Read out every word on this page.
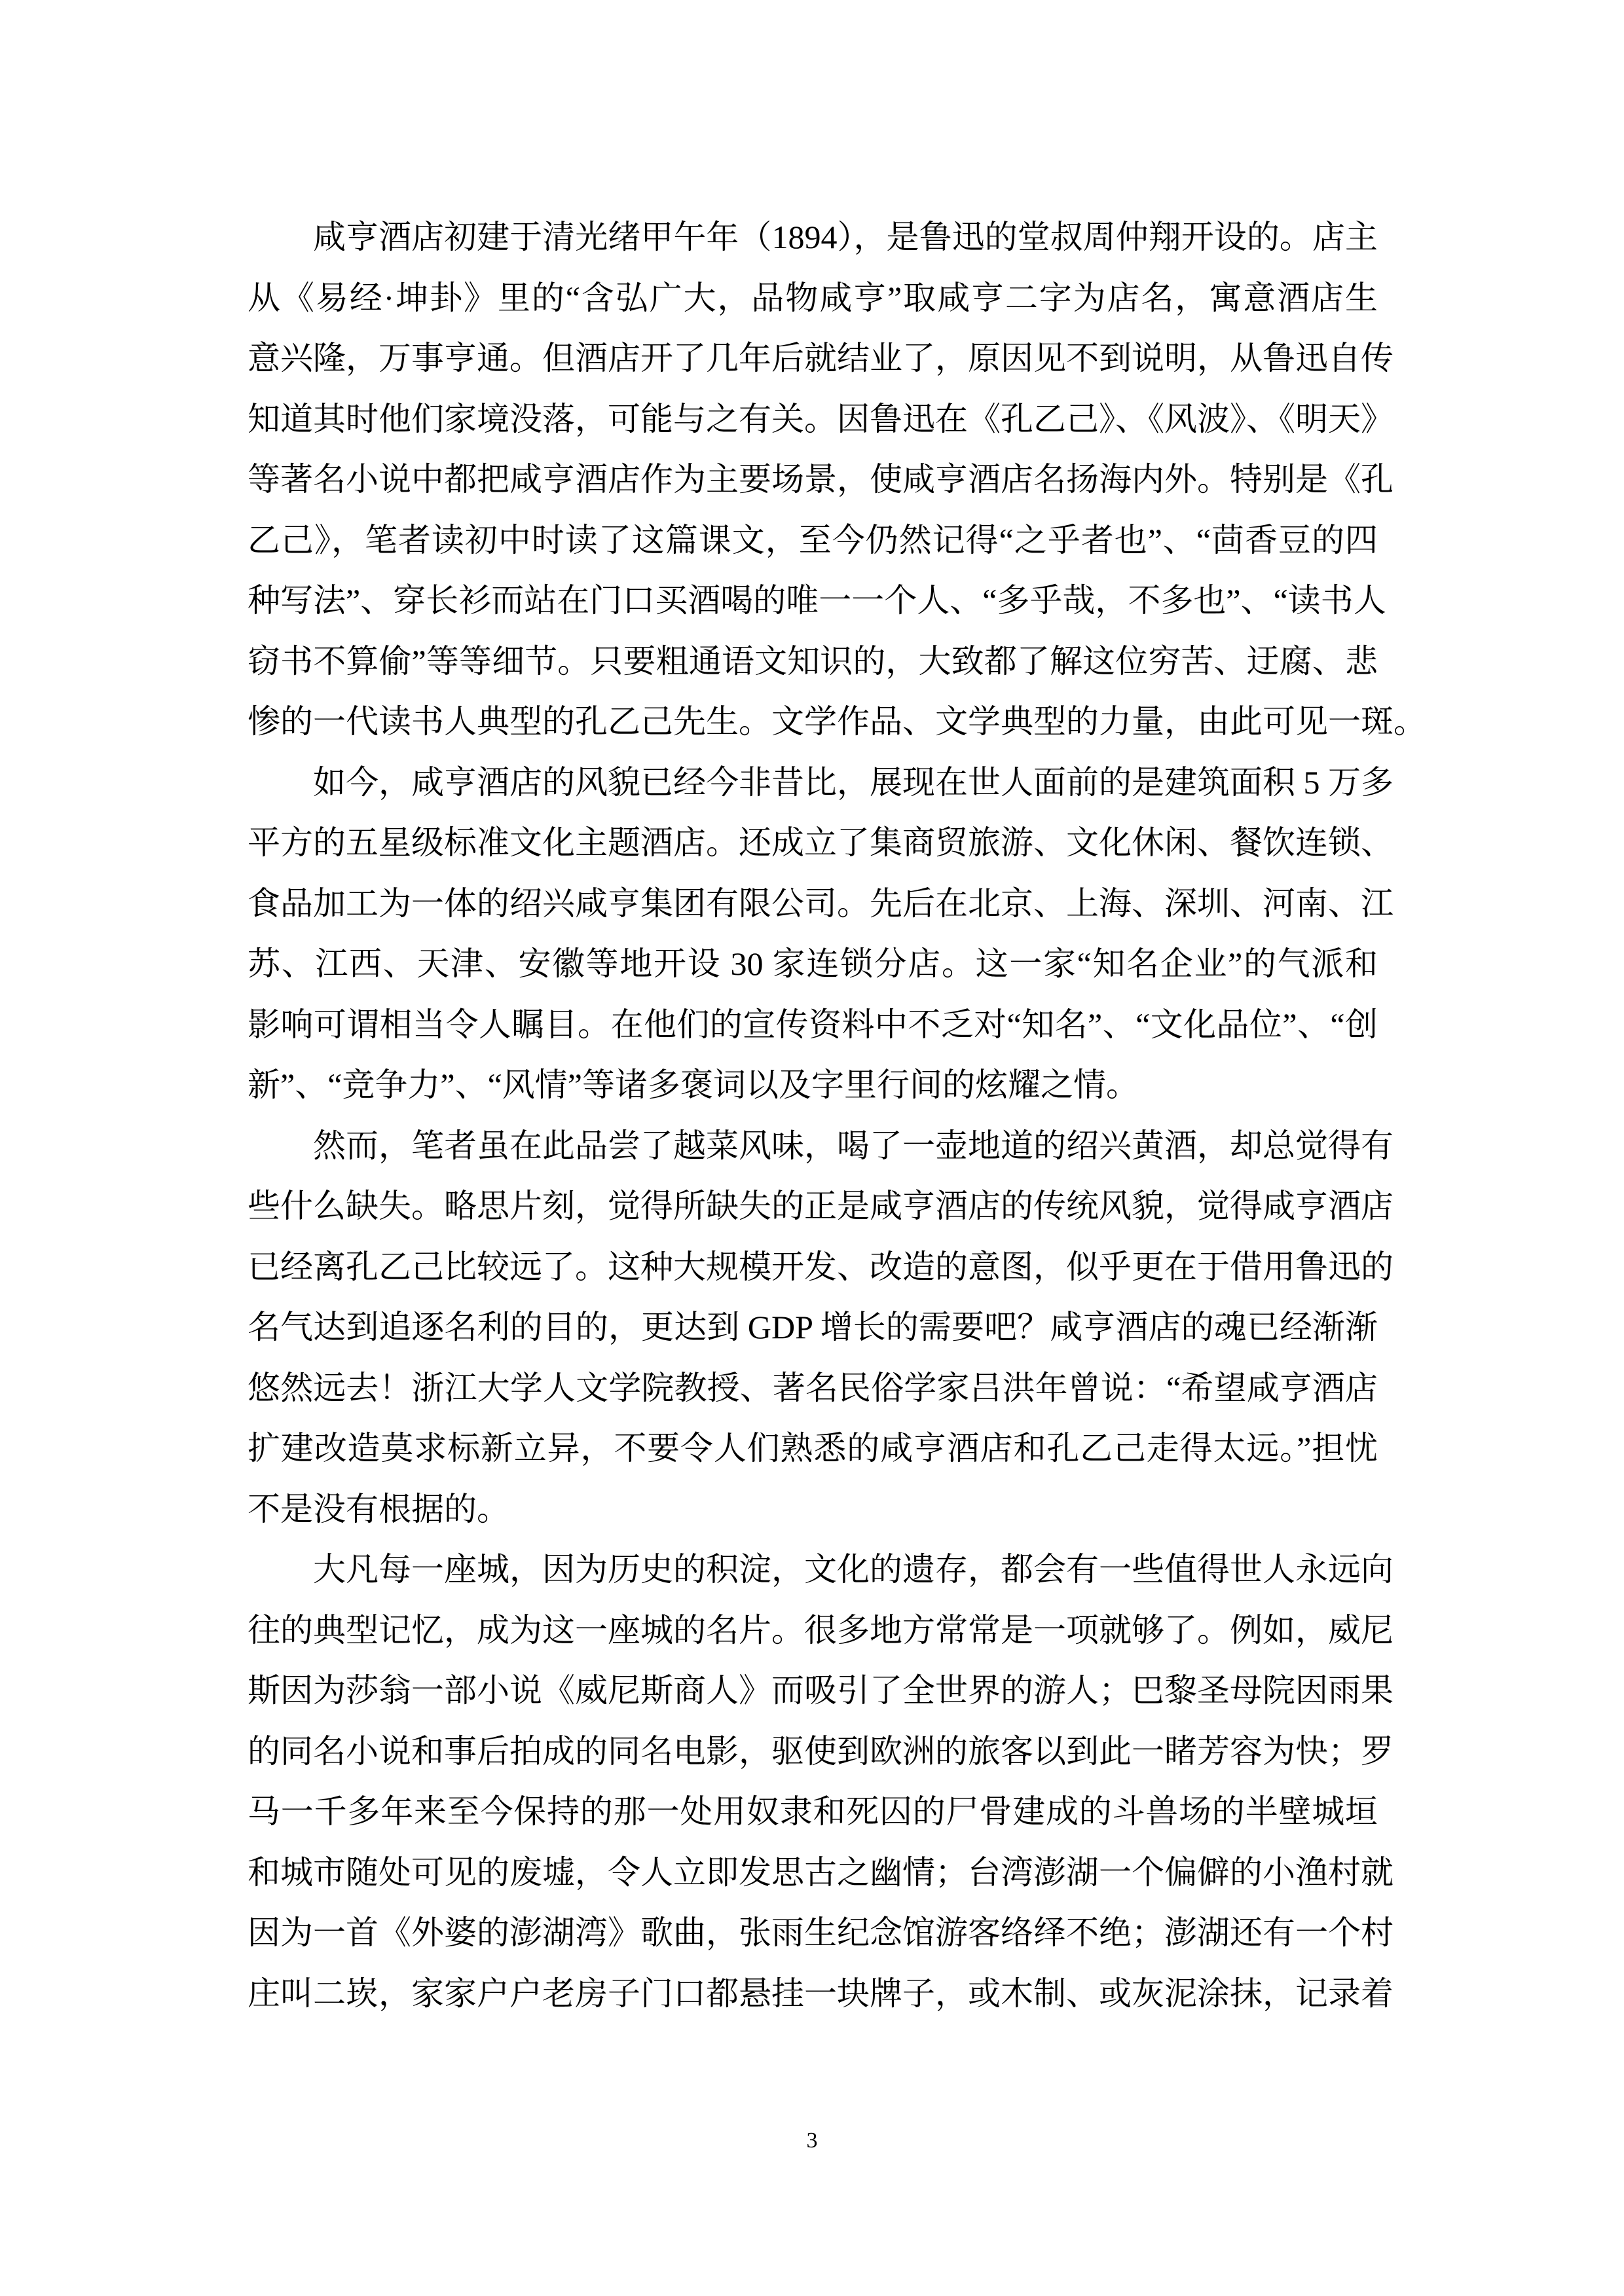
咸亨酒店初建于清光绪甲午年（1894），是鲁迅的堂叔周仲翔开设的。店主
从《易经·坤卦》里的“含弘广大，品物咸亨”取咸亨二字为店名，寓意酒店生
意兴隆，万事亨通。但酒店开了几年后就结业了，原因见不到说明，从鲁迅自传
知道其时他们家境没落，可能与之有关。因鲁迅在《孔乙己》、《风波》、《明天》
等著名小说中都把咸亨酒店作为主要场景，使咸亨酒店名扬海内外。特别是《孔
乙己》，笔者读初中时读了这篇课文，至今仍然记得“之乎者也”、“茴香豆的四
种写法”、穿长衫而站在门口买酒喝的唯一一个人、“多乎哉，不多也”、“读书人
窃书不算偷”等等细节。只要粗通语文知识的，大致都了解这位穷苦、迂腐、悲
惨的一代读书人典型的孔乙己先生。文学作品、文学典型的力量，由此可见一斑。
如今，咸亨酒店的风貌已经今非昔比，展现在世人面前的是建筑面积 5 万多
平方的五星级标准文化主题酒店。还成立了集商贸旅游、文化休闲、餐饮连锁、
食品加工为一体的绍兴咸亨集团有限公司。先后在北京、上海、深圳、河南、江
苏、江西、天津、安徽等地开设 30 家连锁分店。这一家“知名企业”的气派和
影响可谓相当令人瞩目。在他们的宣传资料中不乏对“知名”、“文化品位”、“创
新”、“竞争力”、“风情”等诸多褒词以及字里行间的炫耀之情。
然而，笔者虽在此品尝了越菜风味，喝了一壶地道的绍兴黄酒，却总觉得有
些什么缺失。略思片刻，觉得所缺失的正是咸亨酒店的传统风貌，觉得咸亨酒店
已经离孔乙己比较远了。这种大规模开发、改造的意图，似乎更在于借用鲁迅的
名气达到追逐名利的目的，更达到 GDP 增长的需要吧？咸亨酒店的魂已经渐渐
悠然远去！浙江大学人文学院教授、著名民俗学家吕洪年曾说：“希望咸亨酒店
扩建改造莫求标新立异，不要令人们熟悉的咸亨酒店和孔乙己走得太远。”担忧
不是没有根据的。
大凡每一座城，因为历史的积淀，文化的遗存，都会有一些值得世人永远向
往的典型记忆，成为这一座城的名片。很多地方常常是一项就够了。例如，威尼
斯因为莎翁一部小说《威尼斯商人》而吸引了全世界的游人；巴黎圣母院因雨果
的同名小说和事后拍成的同名电影，驱使到欧洲的旅客以到此一睹芳容为快；罗
马一千多年来至今保持的那一处用奴隶和死囚的尸骨建成的斗兽场的半壁城垣
和城市随处可见的废墟，令人立即发思古之幽情；台湾澎湖一个偏僻的小渔村就
因为一首《外婆的澎湖湾》歌曲，张雨生纪念馆游客络绎不绝；澎湖还有一个村
庄叫二崁，家家户户老房子门口都悬挂一块牌子，或木制、或灰泥涂抹，记录着
3
